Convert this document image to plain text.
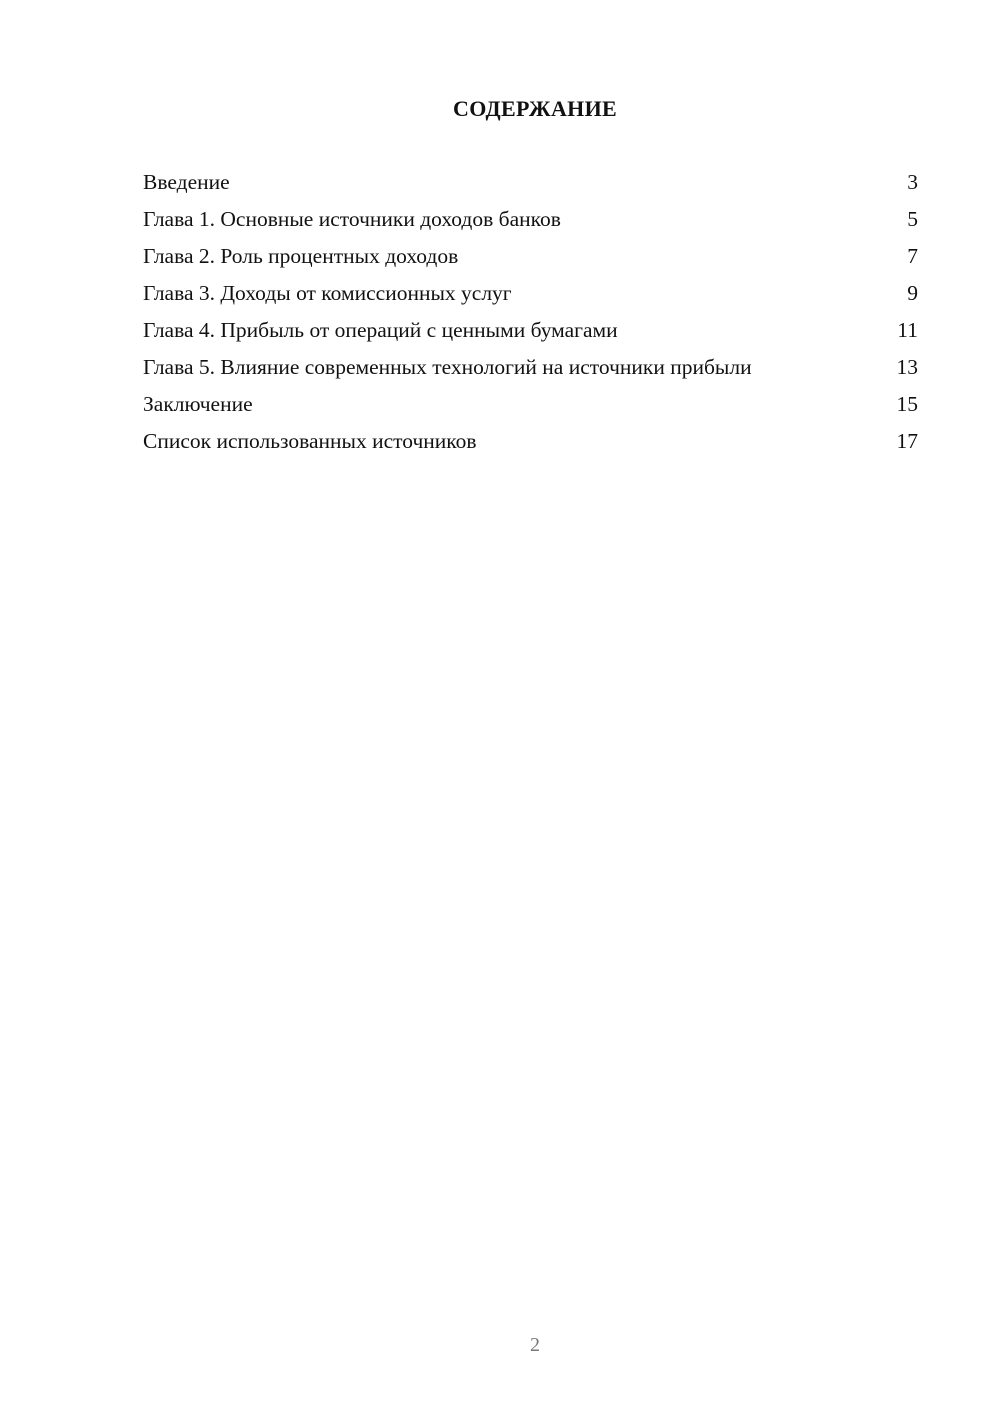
СОДЕРЖАНИЕ
Введение	3
Глава 1. Основные источники доходов банков	5
Глава 2. Роль процентных доходов	7
Глава 3. Доходы от комиссионных услуг	9
Глава 4. Прибыль от операций с ценными бумагами	11
Глава 5. Влияние современных технологий на источники прибыли	13
Заключение	15
Список использованных источников	17
2
